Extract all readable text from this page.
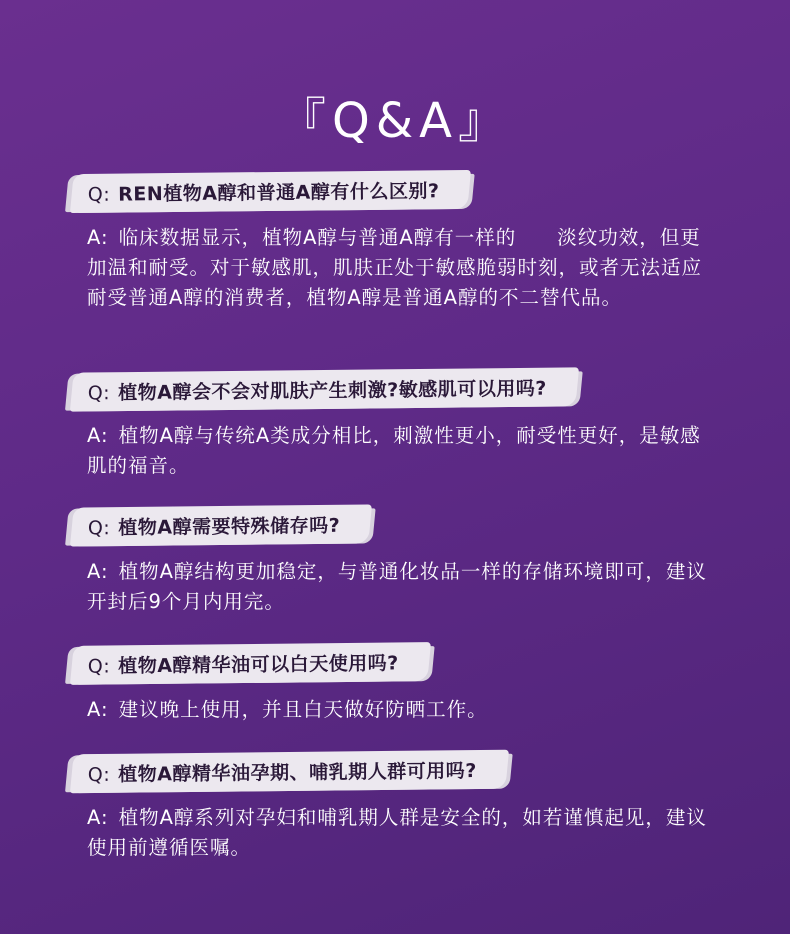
『Q&A』
Q: REN植物A醇和普通A醇有什么区别?
A: 临床数据显示，植物A醇与普通A醇有一样的　　淡纹功效，但更加温和耐受。对于敏感肌，肌肤正处于敏感脆弱时刻，或者无法适应耐受普通A醇的消费者，植物A醇是普通A醇的不二替代品。
Q: 植物A醇会不会对肌肤产生刺激?敏感肌可以用吗?
A: 植物A醇与传统A类成分相比，刺激性更小，耐受性更好，是敏感肌的福音。
Q: 植物A醇需要特殊储存吗?
A: 植物A醇结构更加稳定，与普通化妆品一样的存储环境即可，建议开封后9个月内用完。
Q: 植物A醇精华油可以白天使用吗?
A: 建议晚上使用，并且白天做好防晒工作。
Q: 植物A醇精华油孕期、哺乳期人群可用吗?
A: 植物A醇系列对孕妇和哺乳期人群是安全的，如若谨慎起见，建议使用前遵循医嘱。
